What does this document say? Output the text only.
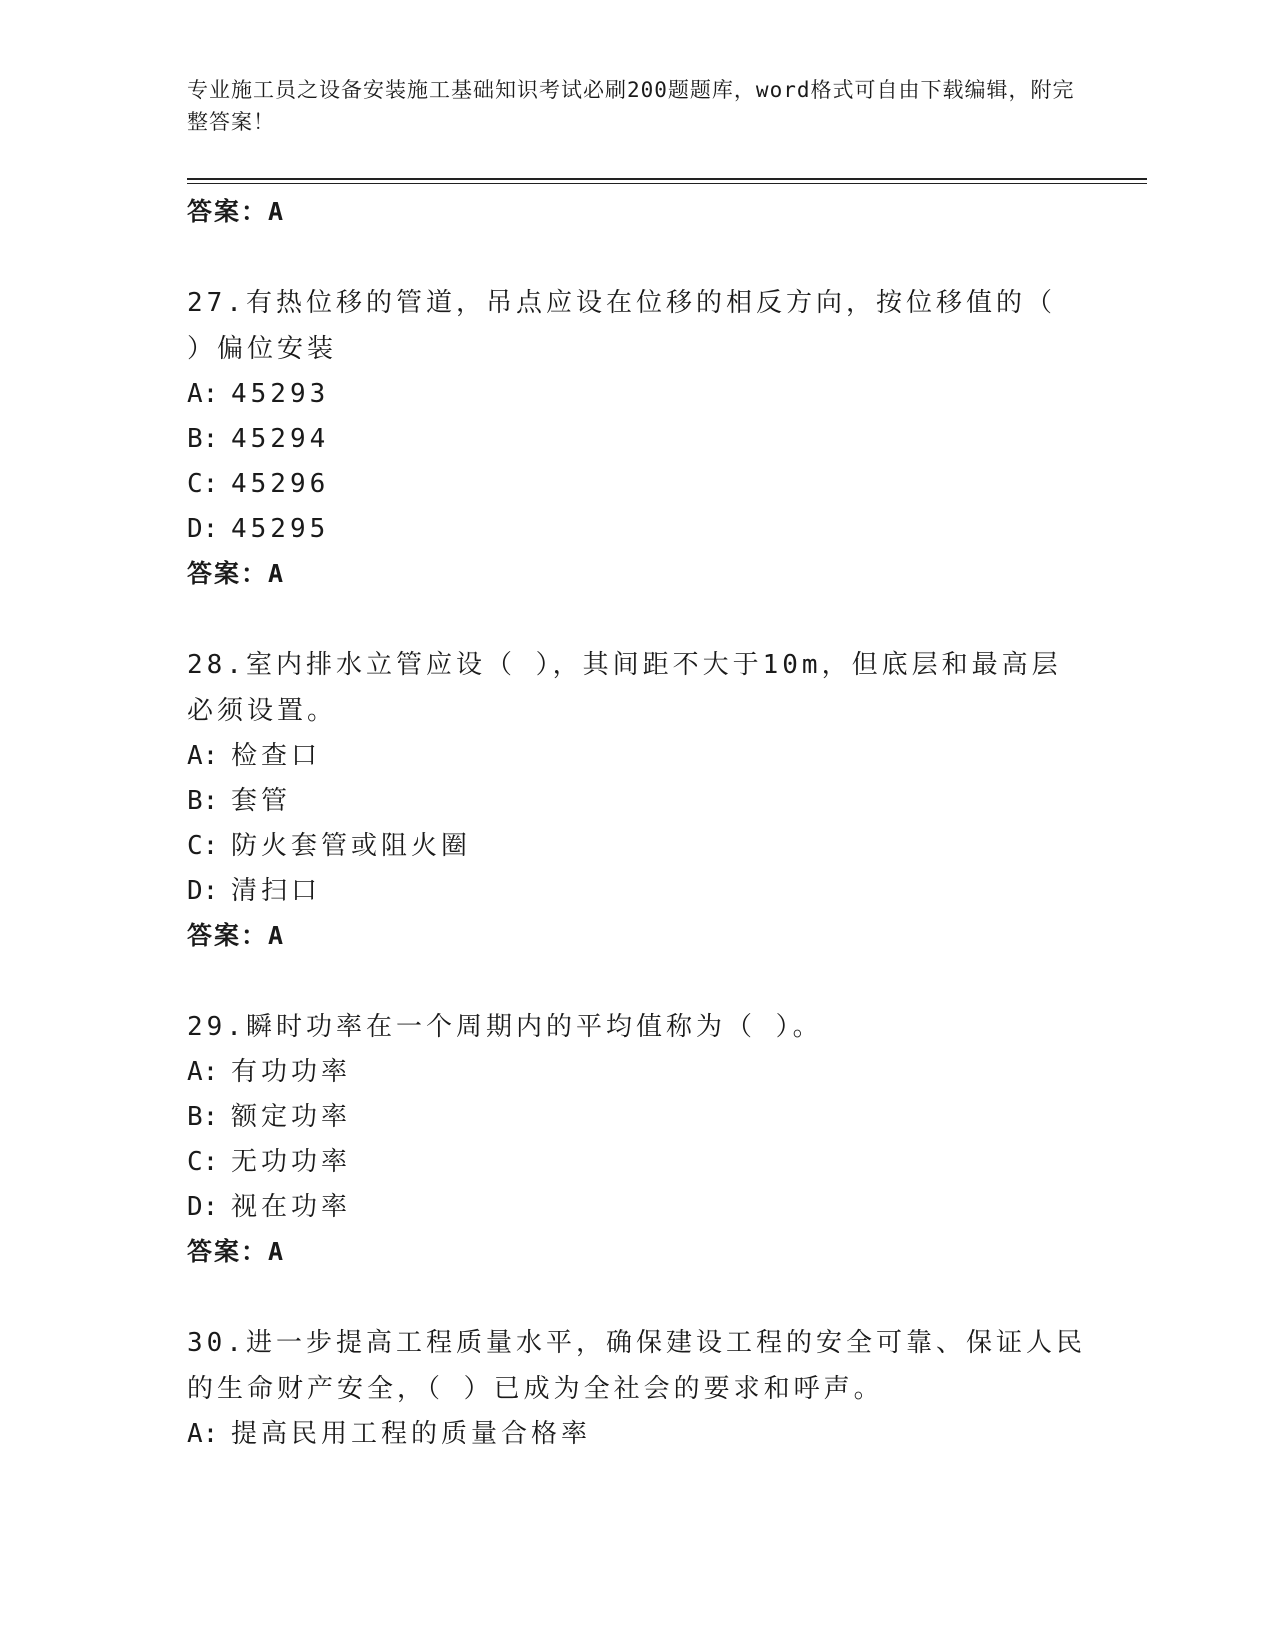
专业施工员之设备安装施工基础知识考试必刷200题题库，word格式可自由下载编辑，附完整答案！
答案：A
27.有热位移的管道，吊点应设在位移的相反方向，按位移值的（ ）偏位安装
A: 45293
B: 45294
C: 45296
D: 45295
答案：A
28.室内排水立管应设（ ），其间距不大于10m，但底层和最高层必须设置。
A: 检查口
B: 套管
C: 防火套管或阻火圈
D: 清扫口
答案：A
29.瞬时功率在一个周期内的平均值称为（ ）。
A: 有功功率
B: 额定功率
C: 无功功率
D: 视在功率
答案：A
30.进一步提高工程质量水平，确保建设工程的安全可靠、保证人民的生命财产安全，（ ）已成为全社会的要求和呼声。
A: 提高民用工程的质量合格率
